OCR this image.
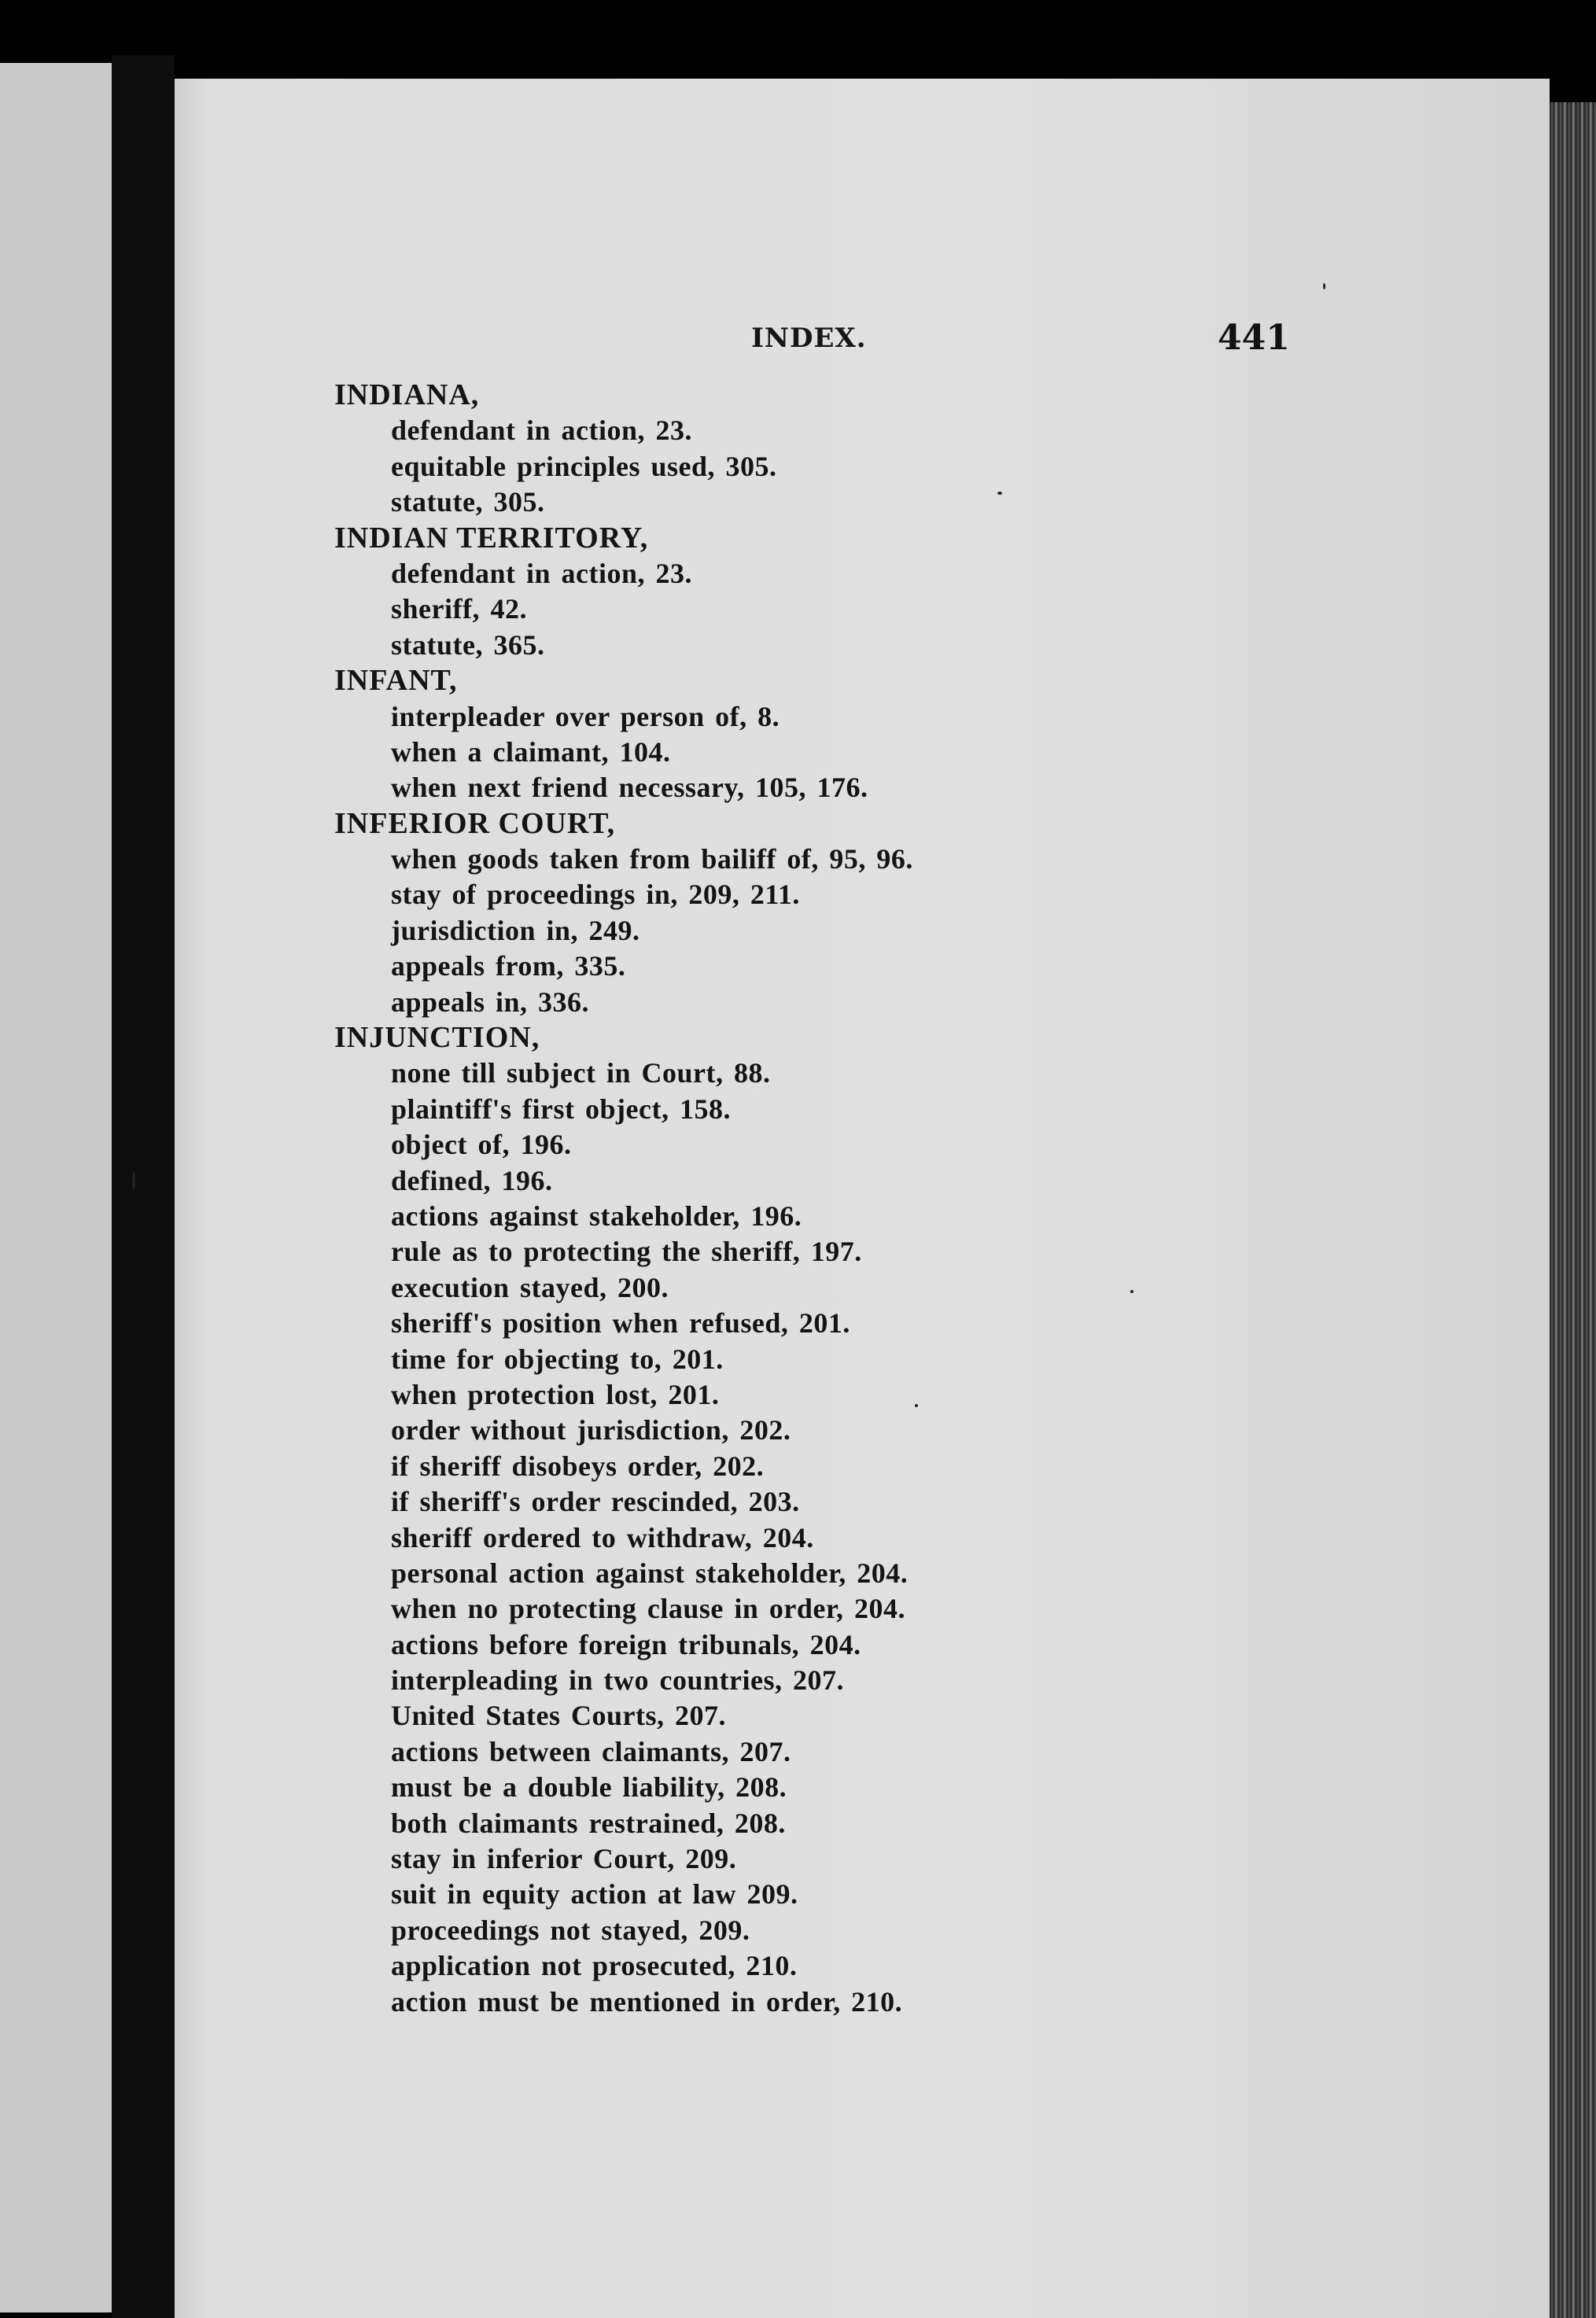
INDEX.	441
INDIANA,
defendant in action, 23.
equitable principles used, 305.
statute, 305.
INDIAN TERRITORY,
defendant in action, 23.
sheriff, 42.
statute, 365.
INFANT,
interpleader over person of, 8.
when a claimant, 104.
when next friend necessary, 105, 176.
INFERIOR COURT,
when goods taken from bailiff of, 95, 96.
stay of proceedings in, 209, 211.
jurisdiction in, 249.
appeals from, 335.
appeals in, 336.
INJUNCTION,
none till subject in Court, 88.
plaintiff's first object, 158.
object of, 196.
defined, 196.
actions against stakeholder, 196.
rule as to protecting the sheriff, 197.
execution stayed, 200.
sheriff's position when refused, 201.
time for objecting to, 201.
when protection lost, 201.
order without jurisdiction, 202.
if sheriff disobeys order, 202.
if sheriff's order rescinded, 203.
sheriff ordered to withdraw, 204.
personal action against stakeholder, 204.
when no protecting clause in order, 204.
actions before foreign tribunals, 204.
interpleading in two countries, 207.
United States Courts, 207.
actions between claimants, 207.
must be a double liability, 208.
both claimants restrained, 208.
stay in inferior Court, 209.
suit in equity action at law 209.
proceedings not stayed, 209.
application not prosecuted, 210.
action must be mentioned in order, 210.
